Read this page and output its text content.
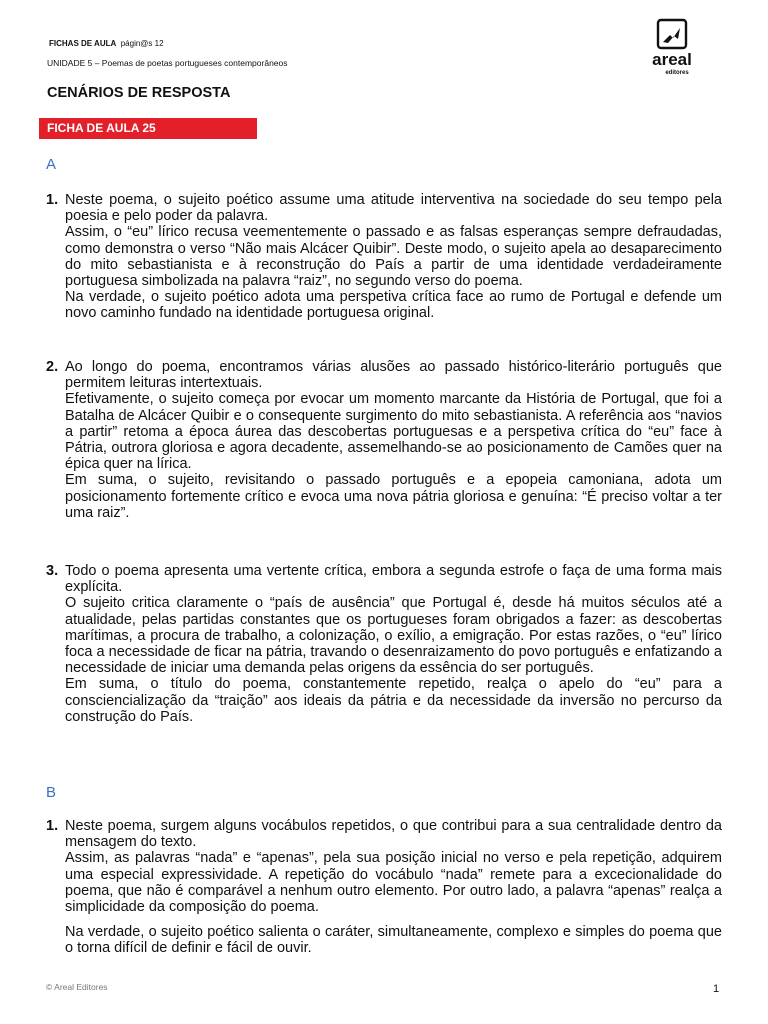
FICHAS DE AULA págin@s 12
UNIDADE 5 – Poemas de poetas portugueses contemporâneos	areal
editores
CENÁRIOS DE RESPOSTA
FICHA DE AULA 25
A
1. Neste poema, o sujeito poético assume uma atitude interventiva na sociedade do seu tempo pela poesia e pelo poder da palavra.

Assim, o “eu” lírico recusa veementemente o passado e as falsas esperanças sempre defraudadas, como demonstra o verso “Não mais Alcácer Quibir”. Deste modo, o sujeito apela ao desaparecimento do mito sebastianista e à reconstrução do País a partir de uma identidade verdadeiramente portuguesa simbolizada na palavra “raiz”, no segundo verso do poema.

Na verdade, o sujeito poético adota uma perspetiva crítica face ao rumo de Portugal e defende um novo caminho fundado na identidade portuguesa original.

2. Ao longo do poema, encontramos várias alusões ao passado histórico-literário português que permitem leituras intertextuais.

Efetivamente, o sujeito começa por evocar um momento marcante da História de Portugal, que foi a Batalha de Alcácer Quibir e o consequente surgimento do mito sebastianista. A referência aos “navios a partir” retoma a época áurea das descobertas portuguesas e a perspetiva crítica do “eu” face à Pátria, outrora gloriosa e agora decadente, assemelhando-se ao posicionamento de Camões quer na épica quer na lírica.

Em suma, o sujeito, revisitando o passado português e a epopeia camoniana, adota um posicionamento fortemente crítico e evoca uma nova pátria gloriosa e genuína: “É preciso voltar a ter uma raiz”.

3. Todo o poema apresenta uma vertente crítica, embora a segunda estrofe o faça de uma forma mais explícita.

O sujeito critica claramente o “país de ausência” que Portugal é, desde há muitos séculos até a atualidade, pelas partidas constantes que os portugueses foram obrigados a fazer: as descobertas marítimas, a procura de trabalho, a colonização, o exílio, a emigração. Por estas razões, o “eu” lírico foca a necessidade de ficar na pátria, travando o desenraizamento do povo português e enfatizando a necessidade de iniciar uma demanda pelas origens da essência do ser português.

Em suma, o título do poema, constantemente repetido, realça o apelo do “eu” para a consciencialização da “traição” aos ideais da pátria e da necessidade da inversão no percurso da construção do País.

B
1. Neste poema, surgem alguns vocábulos repetidos, o que contribui para a sua centralidade dentro da mensagem do texto.

Assim, as palavras “nada” e “apenas”, pela sua posição inicial no verso e pela repetição, adquirem uma especial expressividade. A repetição do vocábulo “nada” remete para a excecionalidade do poema, que não é comparável a nenhum outro elemento. Por outro lado, a palavra “apenas” realça a simplicidade da composição do poema.

Na verdade, o sujeito poético salienta o caráter, simultaneamente, complexo e simples do poema que o torna difícil de definir e fácil de ouvir.

© Areal Editores	1
